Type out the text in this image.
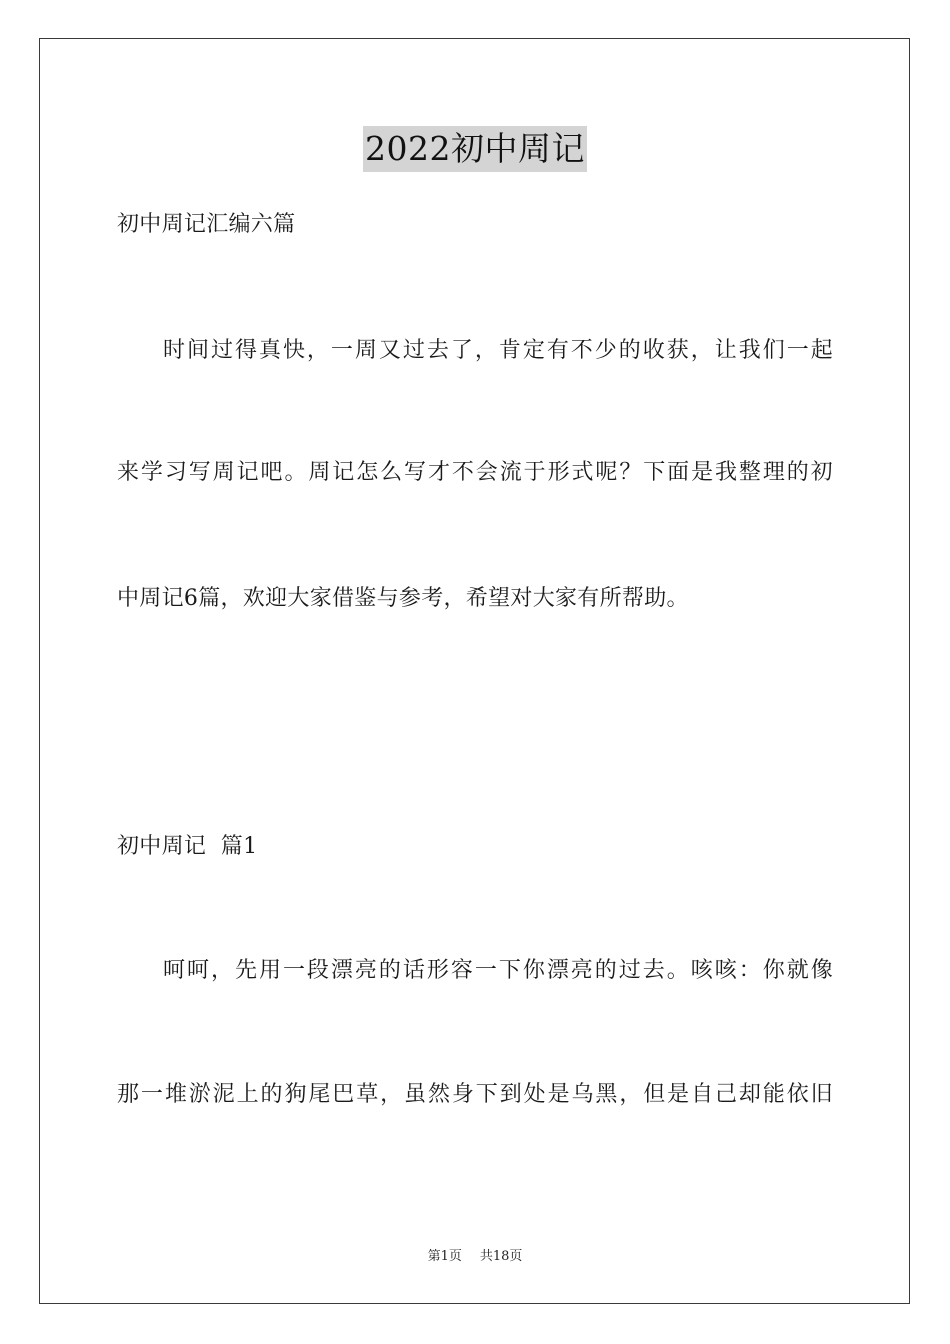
2022初中周记
初中周记汇编六篇
时间过得真快，一周又过去了，肯定有不少的收获，让我们一起
来学习写周记吧。周记怎么写才不会流于形式呢？下面是我整理的初
中周记6篇，欢迎大家借鉴与参考，希望对大家有所帮助。
初中周记  篇1
呵呵，先用一段漂亮的话形容一下你漂亮的过去。咳咳：你就像
那一堆淤泥上的狗尾巴草，虽然身下到处是乌黑，但是自己却能依旧
第1页 共18页
